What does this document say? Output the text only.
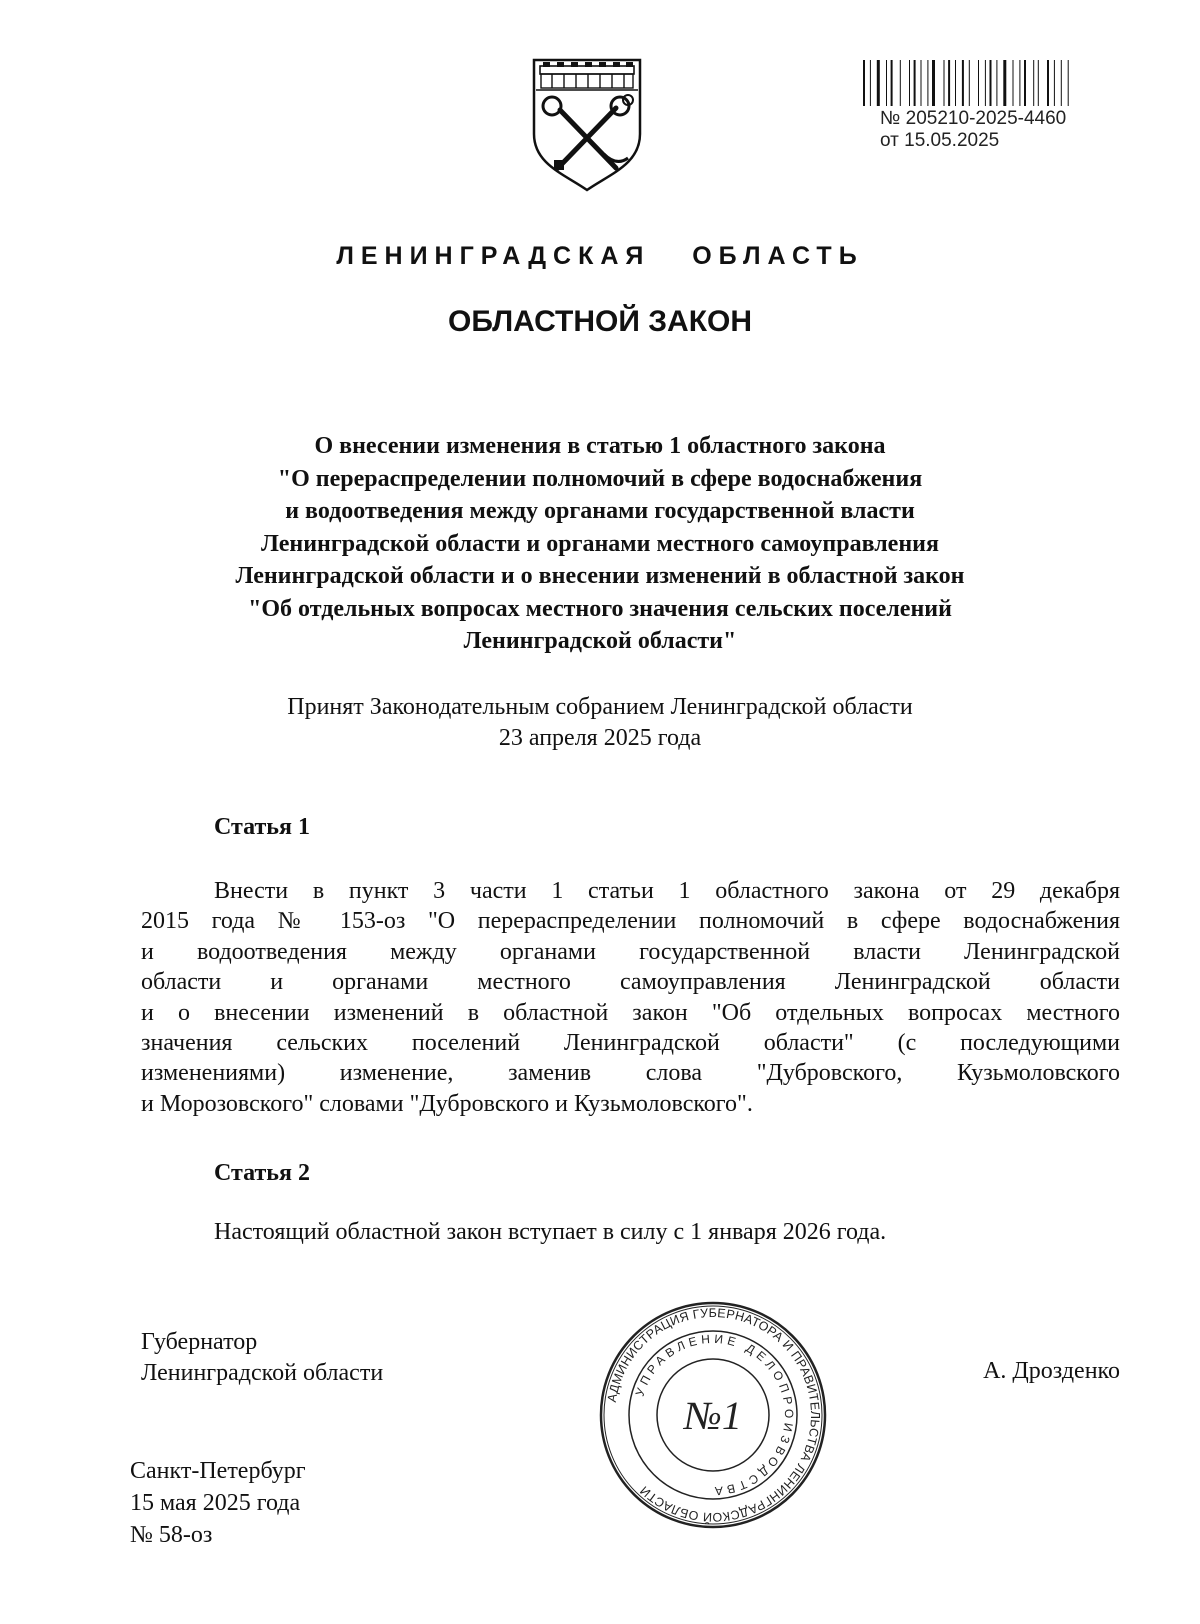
№ 205210-2025-4460
от 15.05.2025
ЛЕНИНГРАДСКАЯ   ОБЛАСТЬ
ОБЛАСТНОЙ ЗАКОН
О внесении изменения в статью 1 областного закона
"О перераспределении полномочий в сфере водоснабжения
и водоотведения между органами государственной власти
Ленинградской области и органами местного самоуправления
Ленинградской области и о внесении изменений в областной закон
"Об отдельных вопросах местного значения сельских поселений
Ленинградской области"
Принят Законодательным собранием Ленинградской области
23 апреля 2025 года
Статья 1
Внести в пункт 3 части 1 статьи 1 областного закона от 29 декабря
2015 года № 153-оз "О перераспределении полномочий в сфере водоснабжения
и водоотведения между органами государственной власти Ленинградской
области и органами местного самоуправления Ленинградской области
и о внесении изменений в областной закон "Об отдельных вопросах местного
значения сельских поселений Ленинградской области" (с последующими
изменениями) изменение, заменив слова "Дубровского, Кузьмоловского
и Морозовского" словами "Дубровского и Кузьмоловского".
Статья 2
Настоящий областной закон вступает в силу с 1 января 2026 года.
Губернатор
Ленинградской области	А. Дрозденко
АДМИНИСТРАЦИЯ ГУБЕРНАТОРА И ПРАВИТЕЛЬСТВА ЛЕНИНГРАДСКОЙ ОБЛАСТИ
УПРАВЛЕНИЕ ДЕЛОПРОИЗВОДСТВА
№1
Санкт-Петербург
15 мая 2025 года
№ 58-оз
